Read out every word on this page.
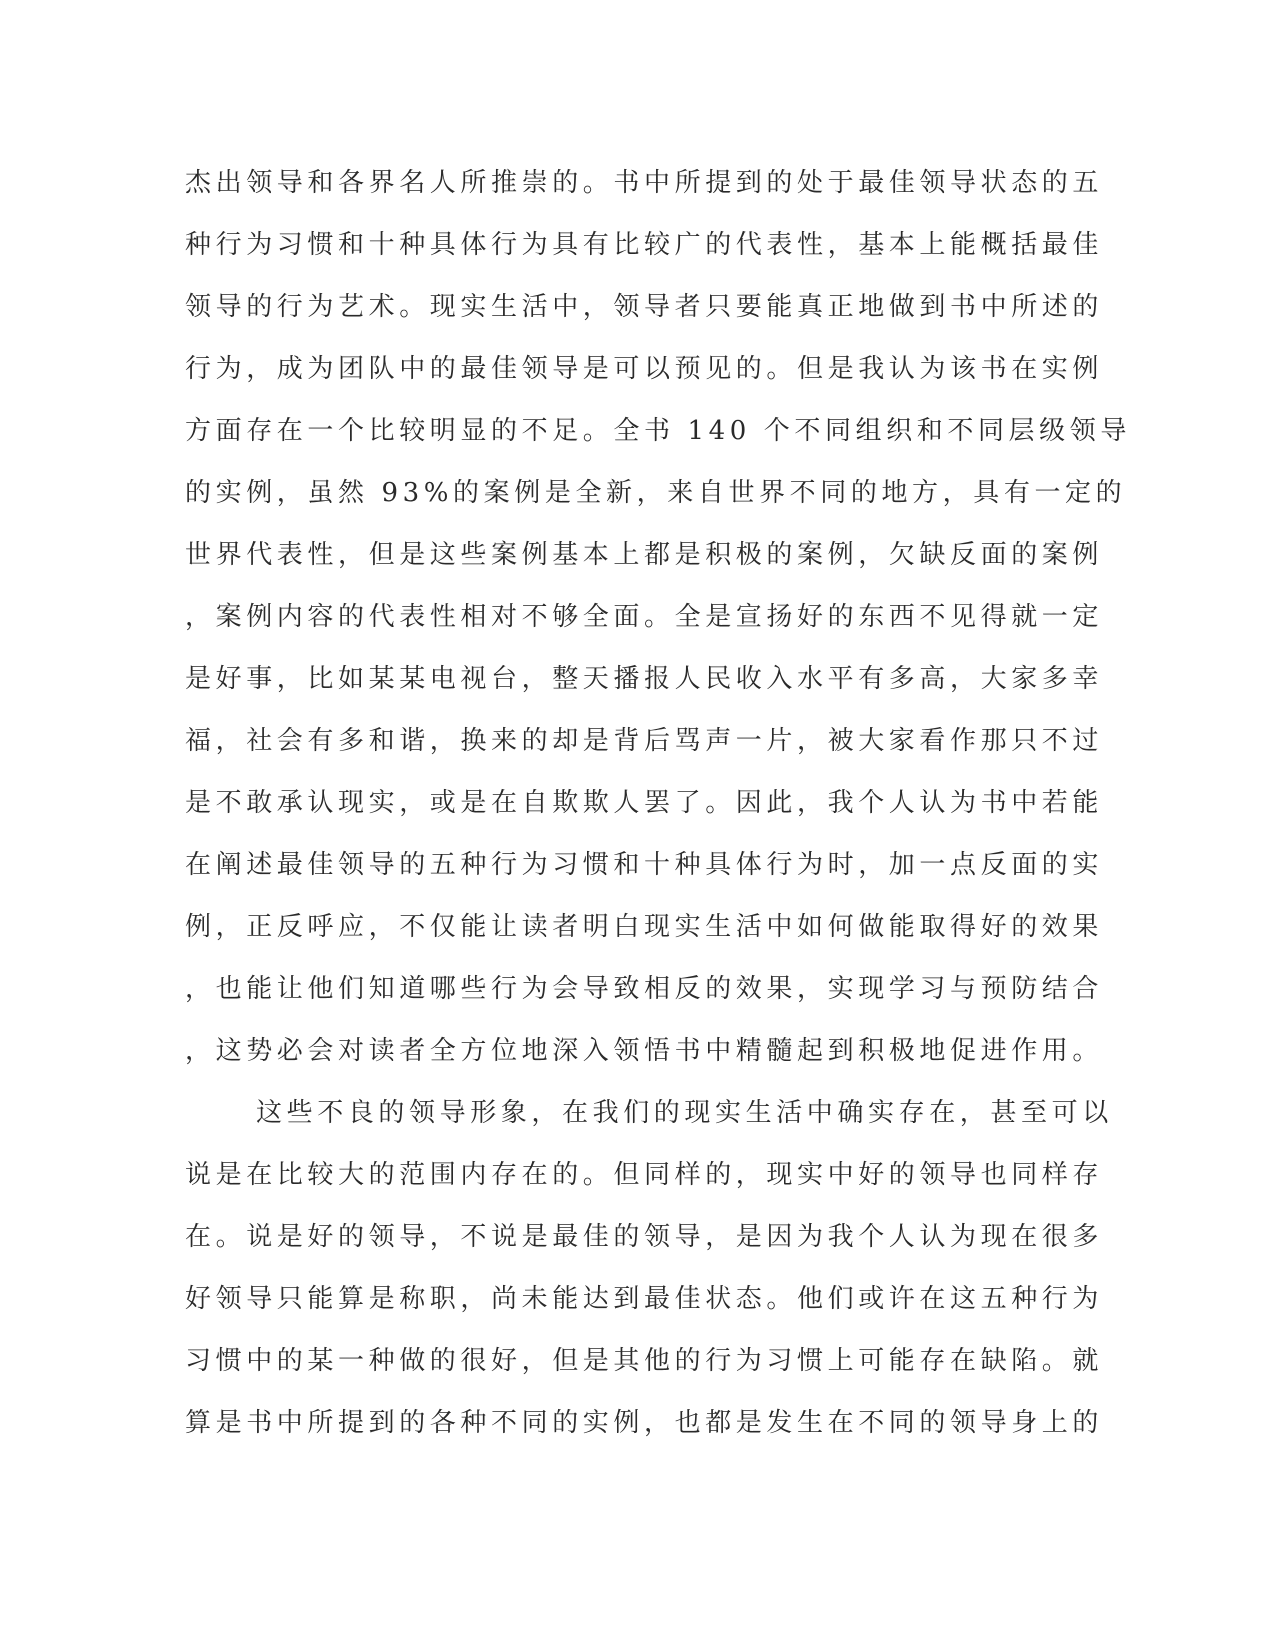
杰出领导和各界名人所推崇的。书中所提到的处于最佳领导状态的五
种行为习惯和十种具体行为具有比较广的代表性，基本上能概括最佳
领导的行为艺术。现实生活中，领导者只要能真正地做到书中所述的
行为，成为团队中的最佳领导是可以预见的。但是我认为该书在实例
方面存在一个比较明显的不足。全书 140 个不同组织和不同层级领导
的实例，虽然 93%的案例是全新，来自世界不同的地方，具有一定的
世界代表性，但是这些案例基本上都是积极的案例，欠缺反面的案例
，案例内容的代表性相对不够全面。全是宣扬好的东西不见得就一定
是好事，比如某某电视台，整天播报人民收入水平有多高，大家多幸
福，社会有多和谐，换来的却是背后骂声一片，被大家看作那只不过
是不敢承认现实，或是在自欺欺人罢了。因此，我个人认为书中若能
在阐述最佳领导的五种行为习惯和十种具体行为时，加一点反面的实
例，正反呼应，不仅能让读者明白现实生活中如何做能取得好的效果
，也能让他们知道哪些行为会导致相反的效果，实现学习与预防结合
，这势必会对读者全方位地深入领悟书中精髓起到积极地促进作用。
这些不良的领导形象，在我们的现实生活中确实存在，甚至可以
说是在比较大的范围内存在的。但同样的，现实中好的领导也同样存
在。说是好的领导，不说是最佳的领导，是因为我个人认为现在很多
好领导只能算是称职，尚未能达到最佳状态。他们或许在这五种行为
习惯中的某一种做的很好，但是其他的行为习惯上可能存在缺陷。就
算是书中所提到的各种不同的实例，也都是发生在不同的领导身上的
